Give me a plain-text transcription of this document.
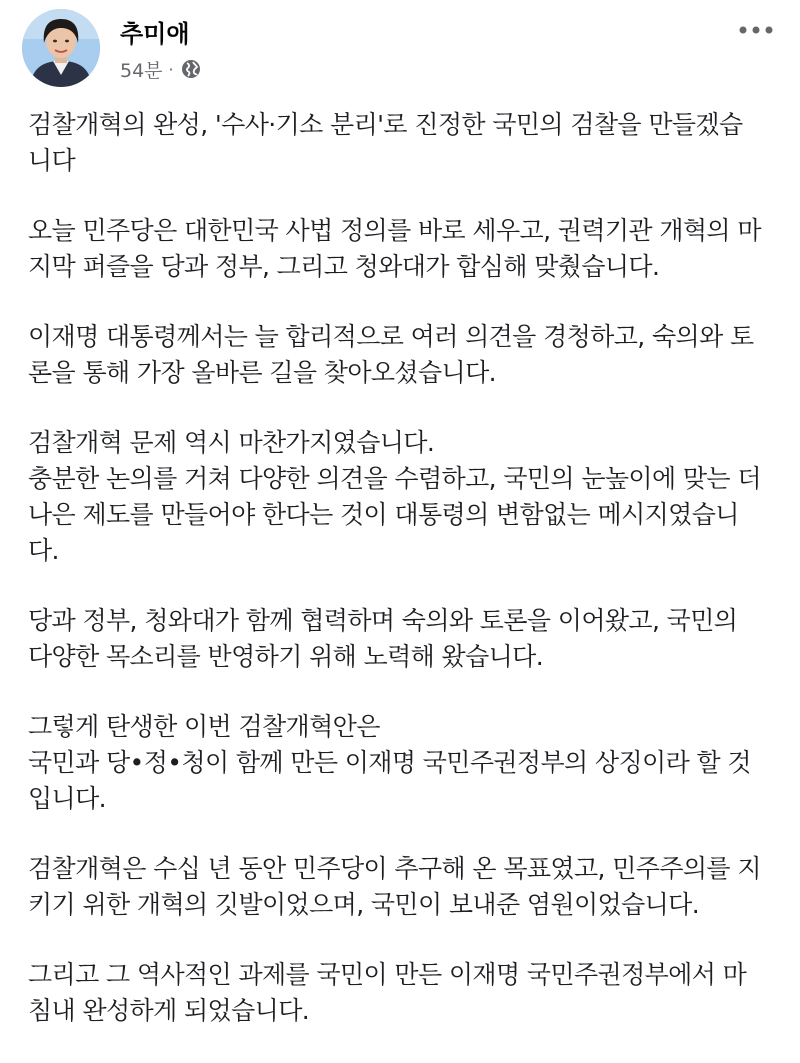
추미애
54분 ·

검찰개혁의 완성, '수사·기소 분리'로 진정한 국민의 검찰을 만들겠습
니다

오늘 민주당은 대한민국 사법 정의를 바로 세우고, 권력기관 개혁의 마
지막 퍼즐을 당과 정부, 그리고 청와대가 합심해 맞췄습니다.

이재명 대통령께서는 늘 합리적으로 여러 의견을 경청하고, 숙의와 토
론을 통해 가장 올바른 길을 찾아오셨습니다.

검찰개혁 문제 역시 마찬가지였습니다.
충분한 논의를 거쳐 다양한 의견을 수렴하고, 국민의 눈높이에 맞는 더
나은 제도를 만들어야 한다는 것이 대통령의 변함없는 메시지였습니
다.

당과 정부, 청와대가 함께 협력하며 숙의와 토론을 이어왔고, 국민의
다양한 목소리를 반영하기 위해 노력해 왔습니다.

그렇게 탄생한 이번 검찰개혁안은
국민과 당•정•청이 함께 만든 이재명 국민주권정부의 상징이라 할 것
입니다.

검찰개혁은 수십 년 동안 민주당이 추구해 온 목표였고, 민주주의를 지
키기 위한 개혁의 깃발이었으며, 국민이 보내준 염원이었습니다.

그리고 그 역사적인 과제를 국민이 만든 이재명 국민주권정부에서 마
침내 완성하게 되었습니다.
